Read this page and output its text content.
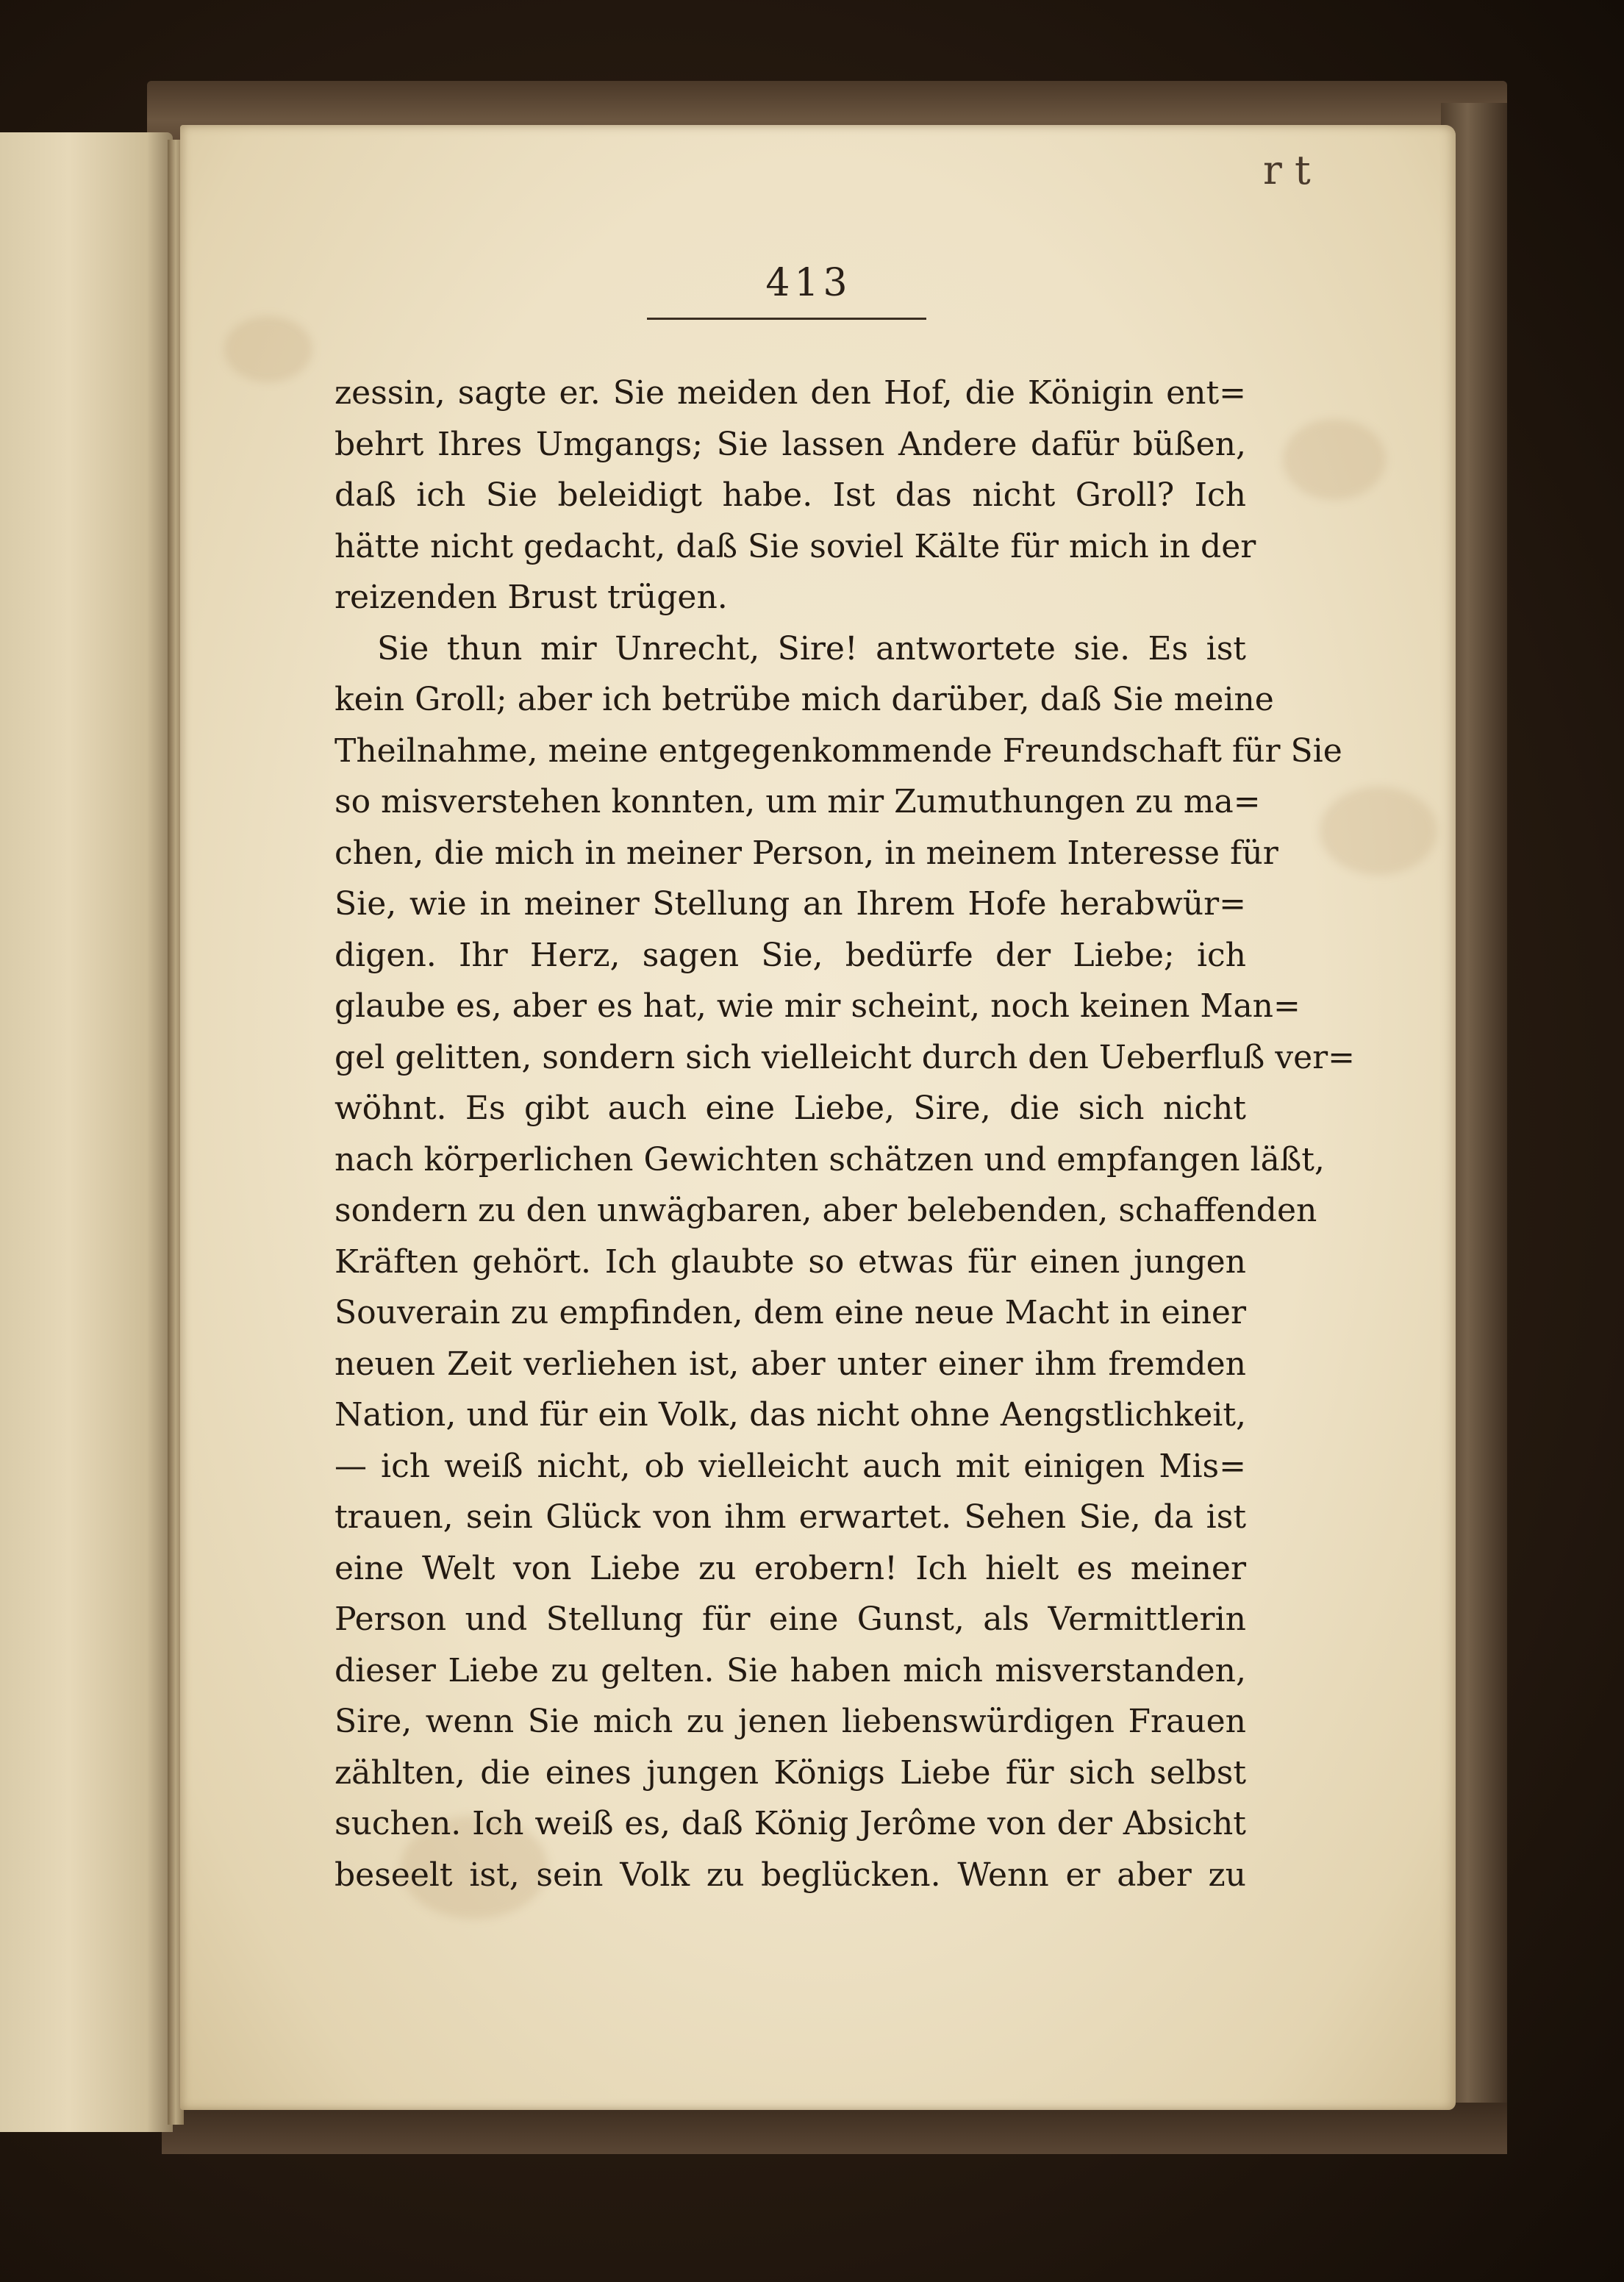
r t
413
zessin, sagte er. Sie meiden den Hof, die Königin ent=
behrt Ihres Umgangs; Sie lassen Andere dafür büßen,
daß ich Sie beleidigt habe. Ist das nicht Groll? Ich
hätte nicht gedacht, daß Sie soviel Kälte für mich in der
reizenden Brust trügen.
Sie thun mir Unrecht, Sire! antwortete sie. Es ist
kein Groll; aber ich betrübe mich darüber, daß Sie meine
Theilnahme, meine entgegenkommende Freundschaft für Sie
so misverstehen konnten, um mir Zumuthungen zu ma=
chen, die mich in meiner Person, in meinem Interesse für
Sie, wie in meiner Stellung an Ihrem Hofe herabwür=
digen. Ihr Herz, sagen Sie, bedürfe der Liebe; ich
glaube es, aber es hat, wie mir scheint, noch keinen Man=
gel gelitten, sondern sich vielleicht durch den Ueberfluß ver=
wöhnt. Es gibt auch eine Liebe, Sire, die sich nicht
nach körperlichen Gewichten schätzen und empfangen läßt,
sondern zu den unwägbaren, aber belebenden, schaffenden
Kräften gehört. Ich glaubte so etwas für einen jungen
Souverain zu empfinden, dem eine neue Macht in einer
neuen Zeit verliehen ist, aber unter einer ihm fremden
Nation, und für ein Volk, das nicht ohne Aengstlichkeit,
— ich weiß nicht, ob vielleicht auch mit einigen Mis=
trauen, sein Glück von ihm erwartet. Sehen Sie, da ist
eine Welt von Liebe zu erobern! Ich hielt es meiner
Person und Stellung für eine Gunst, als Vermittlerin
dieser Liebe zu gelten. Sie haben mich misverstanden,
Sire, wenn Sie mich zu jenen liebenswürdigen Frauen
zählten, die eines jungen Königs Liebe für sich selbst
suchen. Ich weiß es, daß König Jerôme von der Absicht
beseelt ist, sein Volk zu beglücken. Wenn er aber zu
